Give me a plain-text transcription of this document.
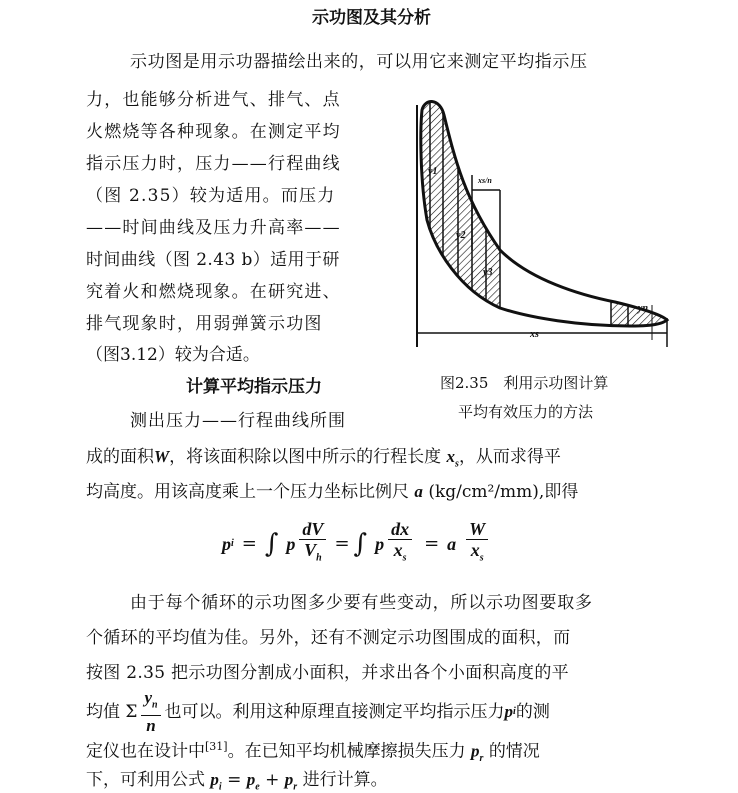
示功图及其分析
示功图是用示功器描绘出来的，可以用它来测定平均指示压
力，也能够分析进气、排气、点
火燃烧等各种现象。在测定平均
指示压力时，压力——行程曲线
（图 2.35）较为适用。而压力
——时间曲线及压力升高率——
时间曲线（图 2.43 b）适用于研
究着火和燃烧现象。在研究进、
排气现象时，用弱弹簧示功图
（图3.12）较为合适。
计算平均指示压力
测出压力——行程曲线所围
成的面积W，将该面积除以图中所示的行程长度 $x_s$，从而求得平
均高度。用该高度乘上一个压力坐标比例尺 a (kg/cm²/mm),即得
p i = ∫ p $\frac{dV}{V_h}$ = ∫ p $\frac{dx}{x_s} = a \frac{W}{x_s}$
由于每个循环的示功图多少要有些变动，所以示功图要取多
个循环的平均值为佳。另外，还有不测定示功图围成的面积，而
按图 2.35 把示功图分割成小面积，并求出各个小面积高度的平
均值 Σ $\frac{y_n}{n}$ 也可以。利用这种原理直接测定平均指示压力 p i 的测
定仪也在设计中[31]。在已知平均机械摩擦损失压力 $p_r$ 的情况
下，可利用公式 $p_i = p_e + p_r$ 进行计算。
y1
y2
y3
yn
xs/n
xs
图2.35　利用示功图计算
平均有效压力的方法
